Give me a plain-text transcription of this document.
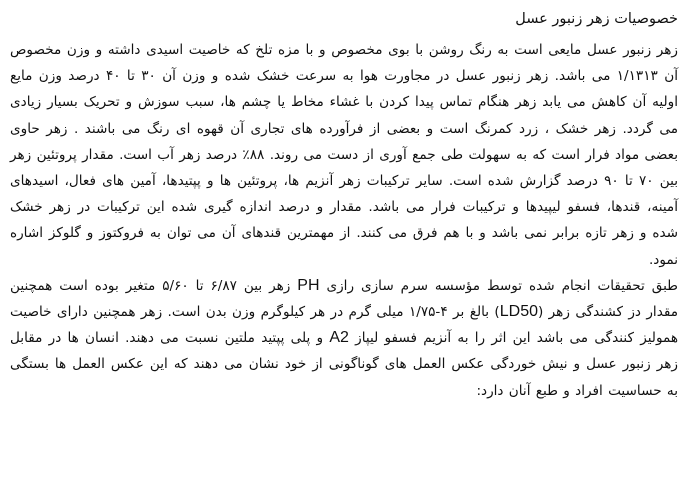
خصوصیات زهر زنبور عسل

زهر زنبور عسل مایعی است به رنگ روشن با بوی مخصوص و با مزه تلخ که خاصیت اسیدی داشته و وزن مخصوص آن ۱/۱۳۱۳ می باشد. زهر زنبور عسل در مجاورت هوا به سرعت خشک شده و وزن آن ۳۰ تا ۴۰ درصد وزن مایع اولیه آن کاهش می یابد زهر هنگام تماس پیدا کردن با غشاء مخاط یا چشم ها، سبب سوزش و تحریک بسیار زیادی می گردد. زهر خشک ، زرد کمرنگ است و بعضی از فرآورده های تجاری آن قهوه ای رنگ می باشند . زهر حاوی بعضی مواد فرار است که به سهولت طی جمع آوری از دست می روند. ۸۸٪ درصد زهر آب است. مقدار پروتئین زهر بین ۷۰ تا ۹۰ درصد گزارش شده است. سایر ترکیبات زهر آنزیم ها، پروتئین ها و پپتیدها، آمین های فعال، اسیدهای آمینه، قندها، فسفو لیپیدها و ترکیبات فرار می باشد. مقدار و درصد اندازه گیری شده این ترکیبات در زهر خشک شده و زهر تازه برابر نمی باشد و با هم فرق می کنند. از مهمترین قندهای آن می توان به فروکتوز و گلوکز اشاره نمود.

طبق تحقیقات انجام شده توسط مؤسسه سرم سازی رازی PH زهر بین ۶/۸۷ تا ۵/۶۰ متغیر بوده است همچنین مقدار دز کشندگی زهر (LD50) بالغ بر ۴-۱/۷۵ میلی گرم در هر کیلوگرم وزن بدن است. زهر همچنین دارای خاصیت همولیز کنندگی می باشد این اثر را به آنزیم فسفو لیپاز A2 و پلی پپتید ملتین نسبت می دهند. انسان ها در مقابل زهر زنبور عسل و نیش خوردگی عکس العمل های گوناگونی از خود نشان می دهند که این عکس العمل ها بستگی به حساسیت افراد و طبع آنان دارد:
